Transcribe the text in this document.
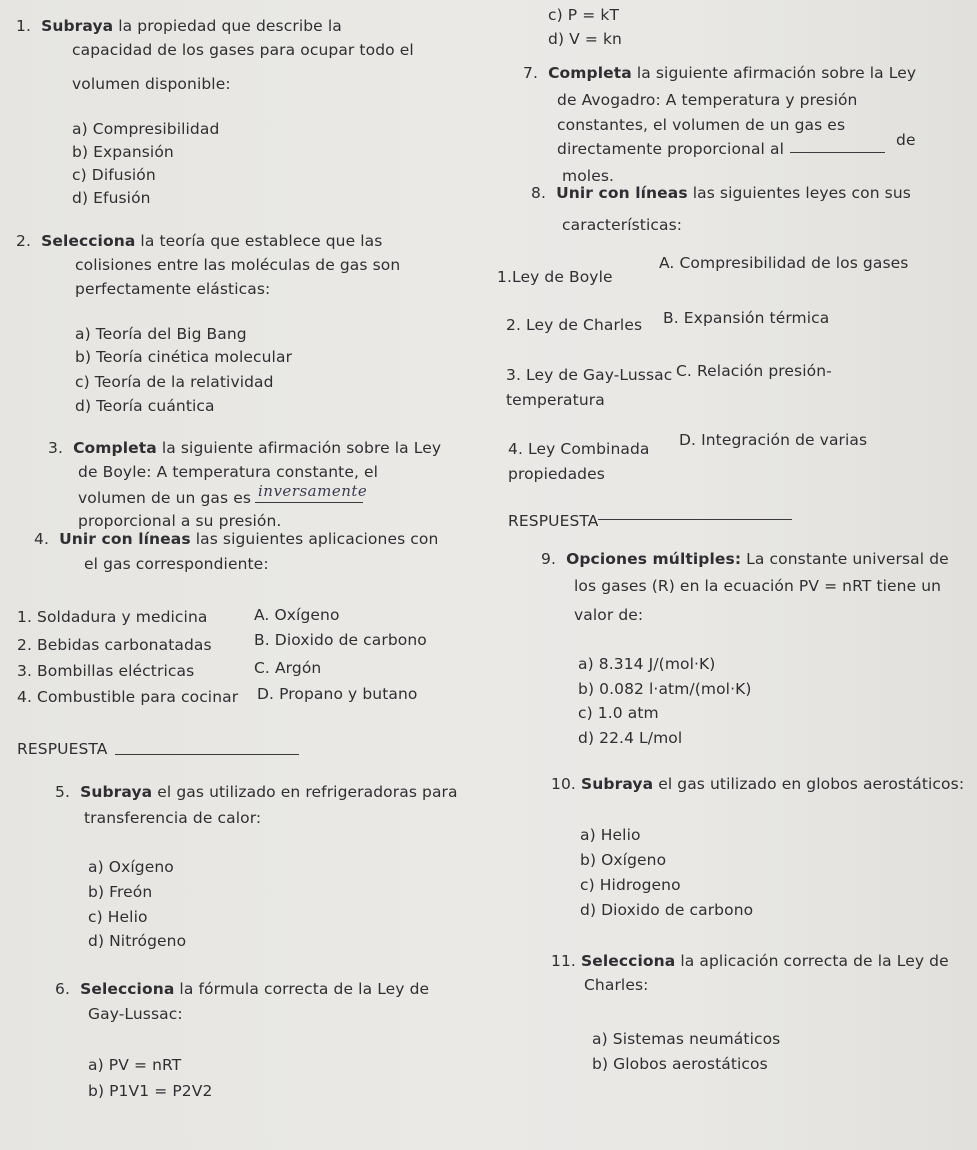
1. Subraya la propiedad que describe la
capacidad de los gases para ocupar todo el
volumen disponible:
a) Compresibilidad
b) Expansión
c) Difusión
d) Efusión
2. Selecciona la teoría que establece que las
colisiones entre las moléculas de gas son
perfectamente elásticas:
a) Teoría del Big Bang
b) Teoría cinética molecular
c) Teoría de la relatividad
d) Teoría cuántica
3. Completa la siguiente afirmación sobre la Ley
de Boyle: A temperatura constante, el
volumen de un gas es inversamente
proporcional a su presión.
4. Unir con líneas las siguientes aplicaciones con
el gas correspondiente:
1. Soldadura y medicina
2. Bebidas carbonatadas
3. Bombillas eléctricas
4. Combustible para cocinar
A. Oxígeno
B. Dioxido de carbono
C. Argón
D. Propano y butano
RESPUESTA
5. Subraya el gas utilizado en refrigeradoras para
transferencia de calor:
a) Oxígeno
b) Freón
c) Helio
d) Nitrógeno
6. Selecciona la fórmula correcta de la Ley de
Gay-Lussac:
a) PV = nRT
b) P1V1 = P2V2
c) P = kT
d) V = kn
7. Completa la siguiente afirmación sobre la Ley
de Avogadro: A temperatura y presión
constantes, el volumen de un gas es
directamente proporcional al	de
moles.
8. Unir con líneas las siguientes leyes con sus
características:
1.Ley de Boyle
2. Ley de Charles
3. Ley de Gay-Lussac
temperatura
4. Ley Combinada
propiedades
A. Compresibilidad de los gases
B. Expansión térmica
C. Relación presión-
D. Integración de varias
RESPUESTA
9. Opciones múltiples: La constante universal de
los gases (R) en la ecuación PV = nRT tiene un
valor de:
a) 8.314 J/(mol·K)
b) 0.082 l·atm/(mol·K)
c) 1.0 atm
d) 22.4 L/mol
10. Subraya el gas utilizado en globos aerostáticos:
a) Helio
b) Oxígeno
c) Hidrogeno
d) Dioxido de carbono
11. Selecciona la aplicación correcta de la Ley de
Charles:
a) Sistemas neumáticos
b) Globos aerostáticos
